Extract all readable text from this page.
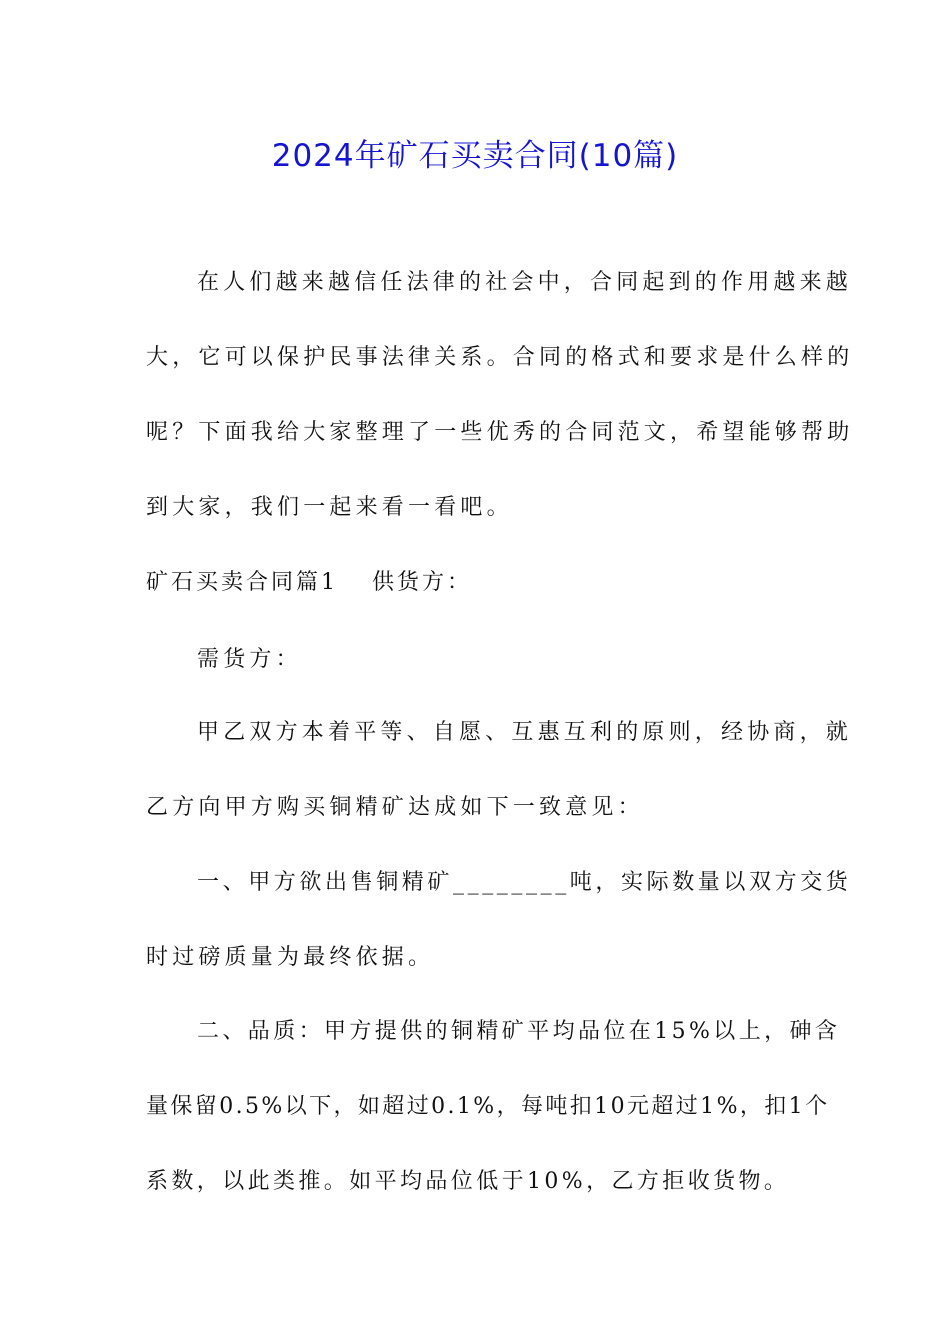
2024年矿石买卖合同(10篇)
在人们越来越信任法律的社会中，合同起到的作用越来越
大，它可以保护民事法律关系。合同的格式和要求是什么样的
呢？下面我给大家整理了一些优秀的合同范文，希望能够帮助
到大家，我们一起来看一看吧。
矿石买卖合同篇1 供货方：
需货方：
甲乙双方本着平等、自愿、互惠互利的原则，经协商，就
乙方向甲方购买铜精矿达成如下一致意见：
一、甲方欲出售铜精矿________吨，实际数量以双方交货
时过磅质量为最终依据。
二、品质：甲方提供的铜精矿平均品位在15%以上，砷含
量保留0.5%以下，如超过0.1%，每吨扣10元超过1%，扣1个
系数，以此类推。如平均品位低于10%，乙方拒收货物。
